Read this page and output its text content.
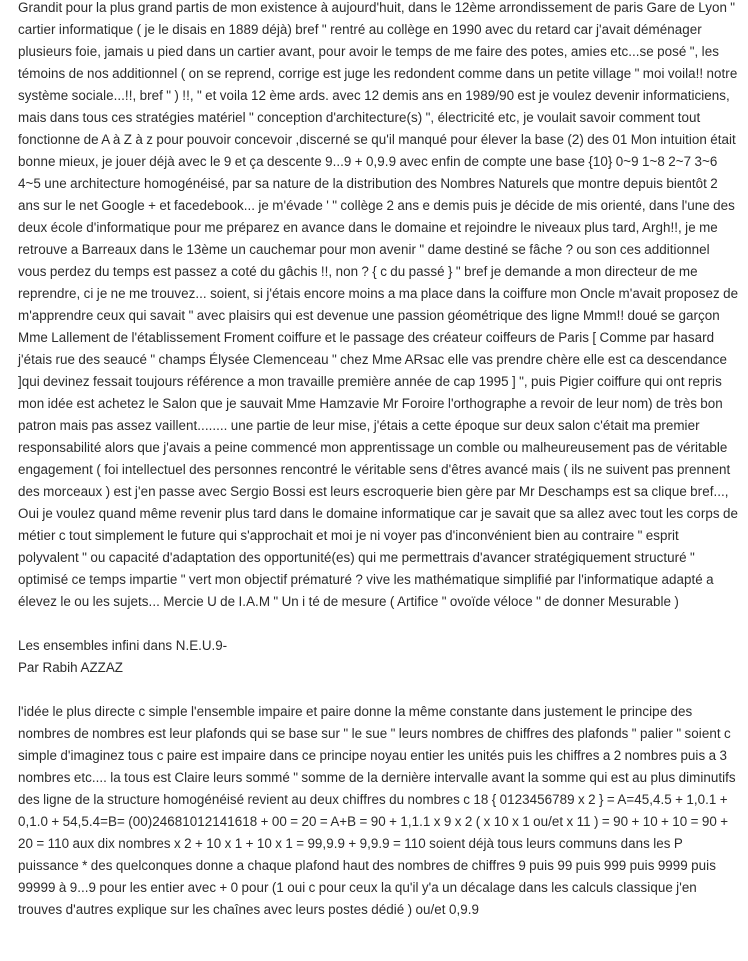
Grandit pour la plus grand partis de mon existence à aujourd'huit, dans le 12ème arrondissement de paris Gare de Lyon " cartier informatique ( je le disais en 1889 déjà) bref " rentré au collège en 1990 avec du retard car j'avait déménager plusieurs foie, jamais u pied dans un cartier avant, pour avoir le temps de me faire des potes, amies etc...se posé ", les témoins de nos additionnel ( on se reprend, corrige est juge les redondent comme dans un petite village " moi voila!! notre système sociale...!!, bref " ) !!, " et voila 12 ème ards. avec 12 demis ans en 1989/90 est je voulez devenir informaticiens, mais dans tous ces stratégies matériel " conception d'architecture(s) ", électricité etc, je voulait savoir comment tout fonctionne de A à Z à z pour pouvoir concevoir ,discerné se qu'il manqué pour élever la base (2) des 01 Mon intuition était bonne mieux, je jouer déjà avec le 9 et ça descente 9...9 + 0,9.9 avec enfin de compte une base {10} 0~9 1~8 2~7 3~6 4~5 une architecture homogénéisé, par sa nature de la distribution des Nombres Naturels que montre depuis bientôt 2 ans sur le net Google + et facedebook... je m'évade ' " collège 2 ans e demis puis je décide de mis orienté, dans l'une des deux école d'informatique pour me préparez en avance dans le domaine et rejoindre le niveaux plus tard, Argh!!, je me retrouve a Barreaux dans le 13ème un cauchemar pour mon avenir " dame destiné se fâche ? ou son ces additionnel vous perdez du temps est passez a coté du gâchis !!, non ? { c du passé } " bref je demande a mon directeur de me reprendre, ci je ne me trouvez... soient, si j'étais encore moins a ma place dans la coiffure mon Oncle m'avait proposez de m'apprendre ceux qui savait " avec plaisirs qui est devenue une passion géométrique des ligne Mmm!! doué se garçon Mme Lallement de l'établissement Froment coiffure et le passage des créateur coiffeurs de Paris [ Comme par hasard j'étais rue des seaucé " champs Élysée Clemenceau " chez Mme ARsac elle vas prendre chère elle est ca descendance ]qui devinez fessait toujours référence a mon travaille première année de cap 1995 ] ", puis Pigier coiffure qui ont repris mon idée est achetez le Salon que je sauvait Mme Hamzavie Mr Foroire l'orthographe a revoir de leur nom) de très bon patron mais pas assez vaillent........ une partie de leur mise, j'étais a cette époque sur deux salon c'était ma premier responsabilité alors que j'avais a peine commencé mon apprentissage un comble ou malheureusement pas de véritable engagement ( foi intellectuel des personnes rencontré le véritable sens d'êtres avancé mais ( ils ne suivent pas prennent des morceaux ) est j'en passe avec Sergio Bossi est leurs escroquerie bien gère par Mr Deschamps est sa clique bref..., Oui je voulez quand même revenir plus tard dans le domaine informatique car je savait que sa allez avec tout les corps de métier c tout simplement le future qui s'approchait et moi je ni voyer pas d'inconvénient bien au contraire " esprit polyvalent " ou capacité d'adaptation des opportunité(es) qui me permettrais d'avancer stratégiquement structuré " optimisé ce temps impartie " vert mon objectif prématuré ? vive les mathématique simplifié par l'informatique adapté a élevez le ou les sujets... Mercie U de I.A.M " Un i té de mesure ( Artifice " ovoïde véloce " de donner Mesurable )

Les ensembles infini dans N.E.U.9-

Par Rabih AZZAZ

l'idée le plus directe c simple l'ensemble impaire et paire donne la même constante dans justement le principe des nombres de nombres est leur plafonds qui se base sur " le sue " leurs nombres de chiffres des plafonds " palier " soient c simple d'imaginez tous c paire est impaire dans ce principe noyau entier les unités puis les chiffres a 2 nombres puis a 3 nombres etc.... la tous est Claire leurs sommé " somme de la dernière intervalle avant la somme qui est au plus diminutifs des ligne de la structure homogénéisé revient au deux chiffres du nombres c 18 { 0123456789 x 2 } = A=45,4.5 + 1,0.1 + 0,1.0 + 54,5.4=B= (00)24681012141618 + 00 = 20 = A+B = 90 + 1,1.1 x 9 x 2 ( x 10 x 1 ou/et x 11 ) = 90 + 10 + 10 = 90 + 20 = 110 aux dix nombres x 2 + 10 x 1 + 10 x 1 = 99,9.9 + 9,9.9 = 110 soient déjà tous leurs communs dans les P puissance * des quelconques donne a chaque plafond haut des nombres de chiffres 9 puis 99 puis 999 puis 9999 puis 99999 à 9...9 pour les entier avec + 0 pour (1 oui c pour ceux la qu'il y'a un décalage dans les calculs classique j'en trouves d'autres explique sur les chaînes avec leurs postes dédié ) ou/et 0,9.9
